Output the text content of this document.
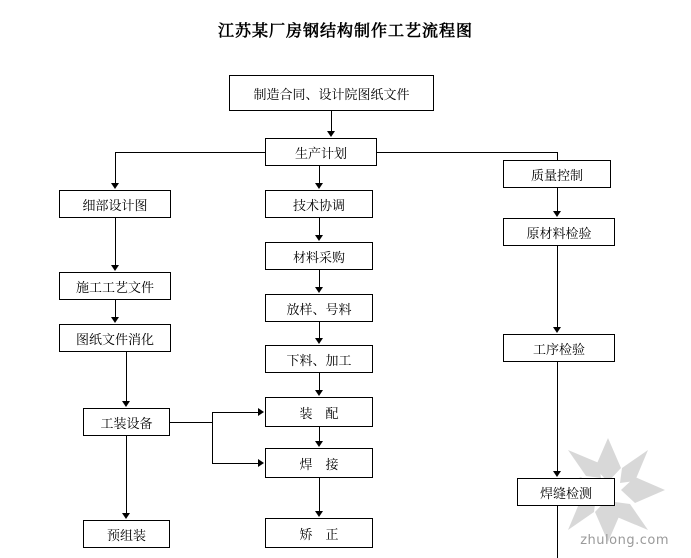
江苏某厂房钢结构制作工艺流程图
制造合同、设计院图纸文件
生产计划
细部设计图	技术协调
质量控制
材料采购
原材料检验
施工工艺文件
放样、号料
图纸文件消化
下料、加工
工序检验
装　配
工装设备
焊　接
焊缝检测
预组装	矫　正	zhulong.com
